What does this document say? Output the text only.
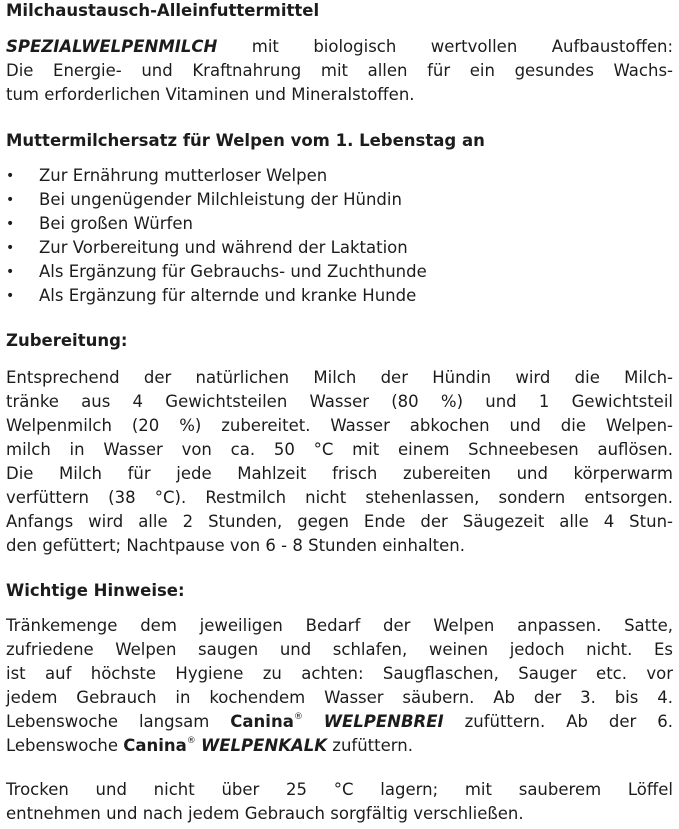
Milchaustausch-Alleinfuttermittel

SPEZIALWELPENMILCH mit biologisch wertvollen Aufbaustoffen:
Die Energie- und Kraftnahrung mit allen für ein gesundes Wachs-
tum erforderlichen Vitaminen und Mineralstoffen.

Muttermilchersatz für Welpen vom 1. Lebenstag an
• Zur Ernährung mutterloser Welpen
• Bei ungenügender Milchleistung der Hündin
• Bei großen Würfen
• Zur Vorbereitung und während der Laktation
• Als Ergänzung für Gebrauchs- und Zuchthunde
• Als Ergänzung für alternde und kranke Hunde
Zubereitung:

Entsprechend der natürlichen Milch der Hündin wird die Milch-
tränke aus 4 Gewichtsteilen Wasser (80 %) und 1 Gewichtsteil
Welpenmilch (20 %) zubereitet. Wasser abkochen und die Welpen-
milch in Wasser von ca. 50 °C mit einem Schneebesen auflösen.
Die Milch für jede Mahlzeit frisch zubereiten und körperwarm
verfüttern (38 °C). Restmilch nicht stehenlassen, sondern entsorgen.
Anfangs wird alle 2 Stunden, gegen Ende der Säugezeit alle 4 Stun-
den gefüttert; Nachtpause von 6 - 8 Stunden einhalten.

Wichtige Hinweise:

Tränkemenge dem jeweiligen Bedarf der Welpen anpassen. Satte,
zufriedene Welpen saugen und schlafen, weinen jedoch nicht. Es
ist auf höchste Hygiene zu achten: Saugflaschen, Sauger etc. vor
jedem Gebrauch in kochendem Wasser säubern. Ab der 3. bis 4.
Lebenswoche langsam Canina® WELPENBREI zufüttern. Ab der 6.
Lebenswoche Canina® WELPENKALK zufüttern.

Trocken und nicht über 25 °C lagern; mit sauberem Löffel
entnehmen und nach jedem Gebrauch sorgfältig verschließen.
